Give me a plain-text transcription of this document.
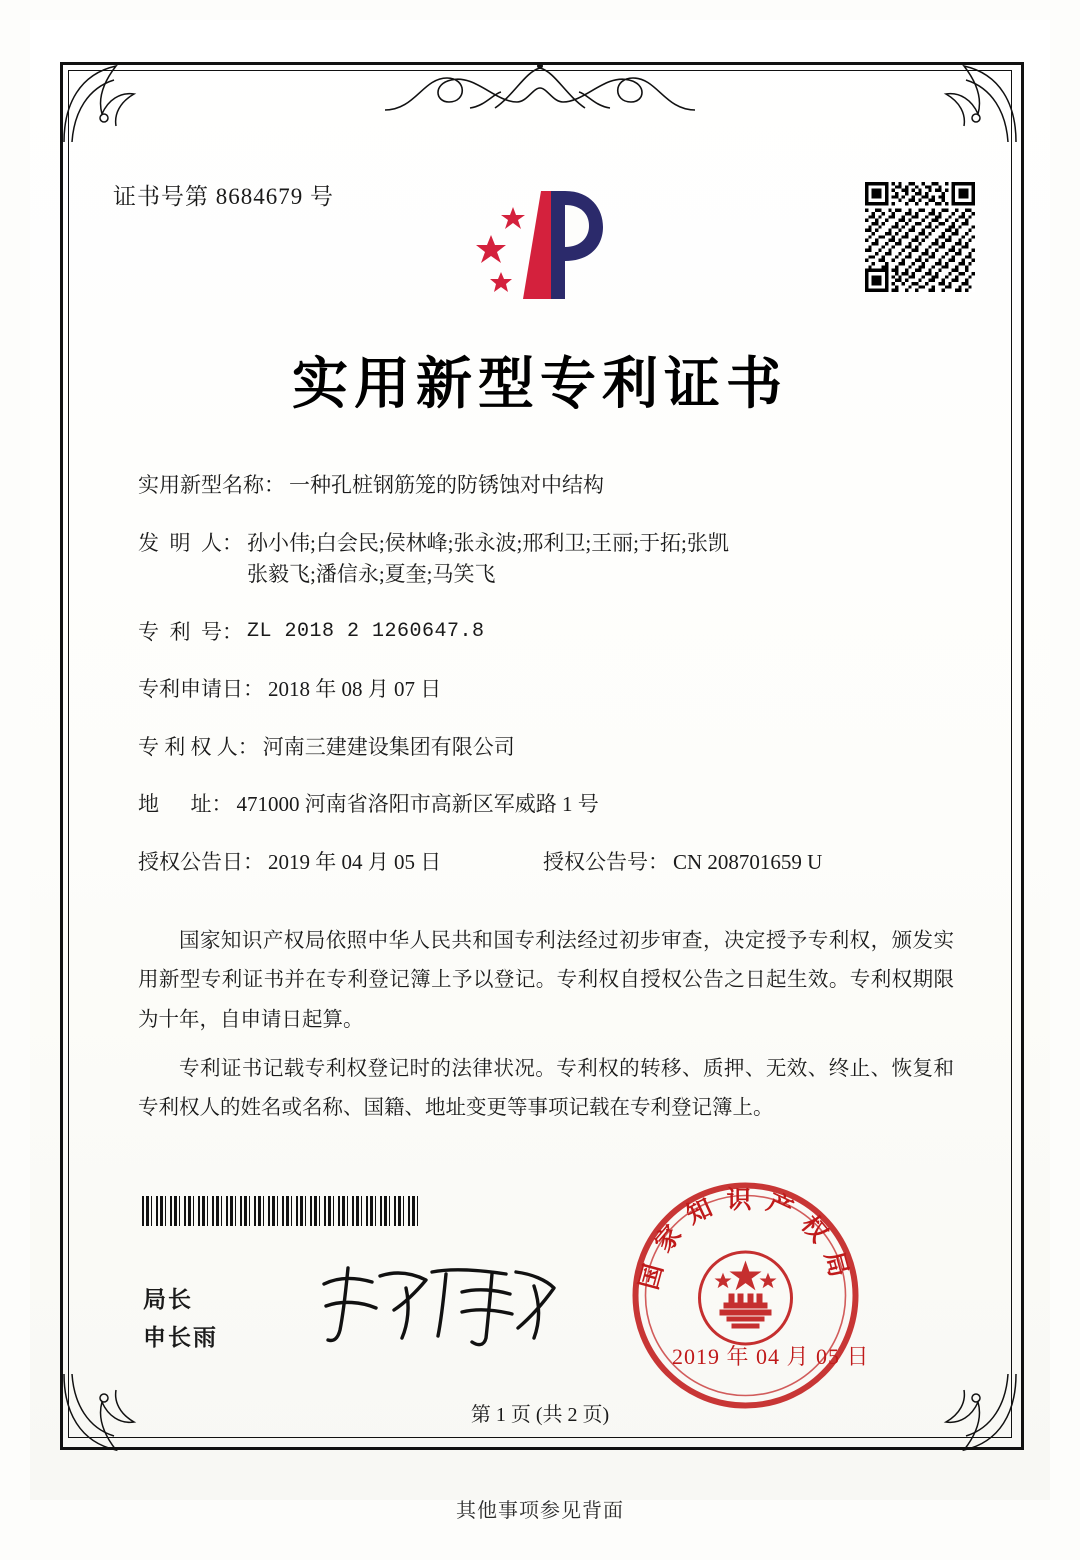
证书号第 8684679 号
实用新型专利证书
实用新型名称： 一种孔桩钢筋笼的防锈蚀对中结构
发  明  人： 孙小伟;白会民;侯林峰;张永波;邢利卫;王丽;于拓;张凯
张毅飞;潘信永;夏奎;马笑飞
专  利  号： ZL 2018 2 1260647.8
专利申请日： 2018 年 08 月 07 日
专 利 权 人： 河南三建建设集团有限公司
地      址： 471000 河南省洛阳市高新区军威路 1 号
授权公告日： 2019 年 04 月 05 日	授权公告号： CN 208701659 U

国家知识产权局依照中华人民共和国专利法经过初步审查，决定授予专利权，颁发实用新型专利证书并在专利登记簿上予以登记。专利权自授权公告之日起生效。专利权期限为十年，自申请日起算。

专利证书记载专利权登记时的法律状况。专利权的转移、质押、无效、终止、恢复和专利权人的姓名或名称、国籍、地址变更等事项记载在专利登记簿上。

局长
申长雨
国家知识产权局
2019 年 04 月 05 日
第 1 页 (共 2 页)
其他事项参见背面
